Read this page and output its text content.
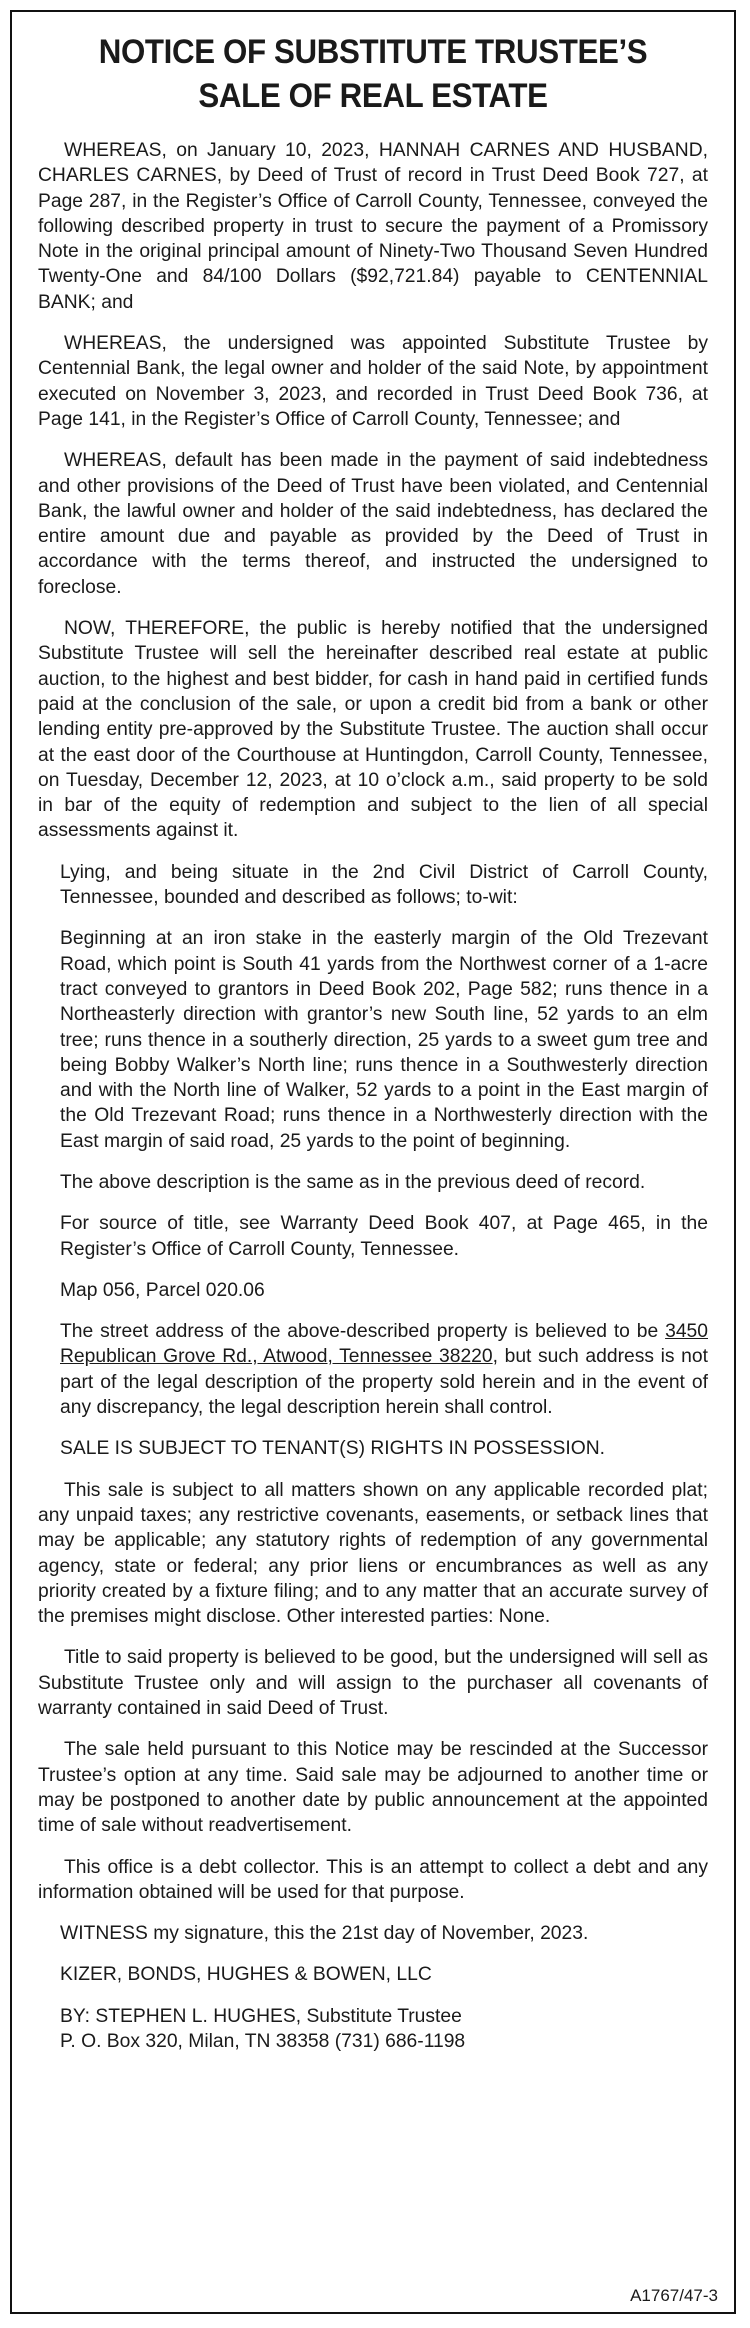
NOTICE OF SUBSTITUTE TRUSTEE’S
SALE OF REAL ESTATE

WHEREAS, on January 10, 2023, HANNAH CARNES AND HUSBAND, CHARLES CARNES, by Deed of Trust of record in Trust Deed Book 727, at Page 287, in the Register’s Office of Carroll County, Tennessee, conveyed the following described property in trust to secure the payment of a Promissory Note in the original principal amount of Ninety-Two Thousand Seven Hundred Twenty-One and 84/100 Dollars ($92,721.84) payable to CENTENNIAL BANK; and

WHEREAS, the undersigned was appointed Substitute Trustee by Centennial Bank, the legal owner and holder of the said Note, by appointment executed on November 3, 2023, and recorded in Trust Deed Book 736, at Page 141, in the Register’s Office of Carroll County, Tennessee; and

WHEREAS, default has been made in the payment of said indebtedness and other provisions of the Deed of Trust have been violated, and Centennial Bank, the lawful owner and holder of the said indebtedness, has declared the entire amount due and payable as provided by the Deed of Trust in accordance with the terms thereof, and instructed the undersigned to foreclose.

NOW, THEREFORE, the public is hereby notified that the undersigned Substitute Trustee will sell the hereinafter described real estate at public auction, to the highest and best bidder, for cash in hand paid in certified funds paid at the conclusion of the sale, or upon a credit bid from a bank or other lending entity pre-approved by the Substitute Trustee. The auction shall occur at the east door of the Courthouse at Huntingdon, Carroll County, Tennessee, on Tuesday, December 12, 2023, at 10 o’clock a.m., said property to be sold in bar of the equity of redemption and subject to the lien of all special assessments against it.

Lying, and being situate in the 2nd Civil District of Carroll County, Tennessee, bounded and described as follows; to-wit:

Beginning at an iron stake in the easterly margin of the Old Trezevant Road, which point is South 41 yards from the Northwest corner of a 1-acre tract conveyed to grantors in Deed Book 202, Page 582; runs thence in a Northeasterly direction with grantor’s new South line, 52 yards to an elm tree; runs thence in a southerly direction, 25 yards to a sweet gum tree and being Bobby Walker’s North line; runs thence in a Southwesterly direction and with the North line of Walker, 52 yards to a point in the East margin of the Old Trezevant Road; runs thence in a Northwesterly direction with the East margin of said road, 25 yards to the point of beginning.

The above description is the same as in the previous deed of record.

For source of title, see Warranty Deed Book 407, at Page 465, in the Register’s Office of Carroll County, Tennessee.

Map 056, Parcel 020.06

The street address of the above-described property is believed to be 3450 Republican Grove Rd., Atwood, Tennessee 38220, but such address is not part of the legal description of the property sold herein and in the event of any discrepancy, the legal description herein shall control.

SALE IS SUBJECT TO TENANT(S) RIGHTS IN POSSESSION.

This sale is subject to all matters shown on any applicable recorded plat; any unpaid taxes; any restrictive covenants, easements, or setback lines that may be applicable; any statutory rights of redemption of any governmental agency, state or federal; any prior liens or encumbrances as well as any priority created by a fixture filing; and to any matter that an accurate survey of the premises might disclose. Other interested parties: None.

Title to said property is believed to be good, but the undersigned will sell as Substitute Trustee only and will assign to the purchaser all covenants of warranty contained in said Deed of Trust.

The sale held pursuant to this Notice may be rescinded at the Successor Trustee’s option at any time. Said sale may be adjourned to another time or may be postponed to another date by public announcement at the appointed time of sale without readvertisement.

This office is a debt collector. This is an attempt to collect a debt and any information obtained will be used for that purpose.

WITNESS my signature, this the 21st day of November, 2023.

KIZER, BONDS, HUGHES & BOWEN, LLC

BY: STEPHEN L. HUGHES, Substitute Trustee

P. O. Box 320, Milan, TN 38358 (731) 686-1198

A1767/47-3
